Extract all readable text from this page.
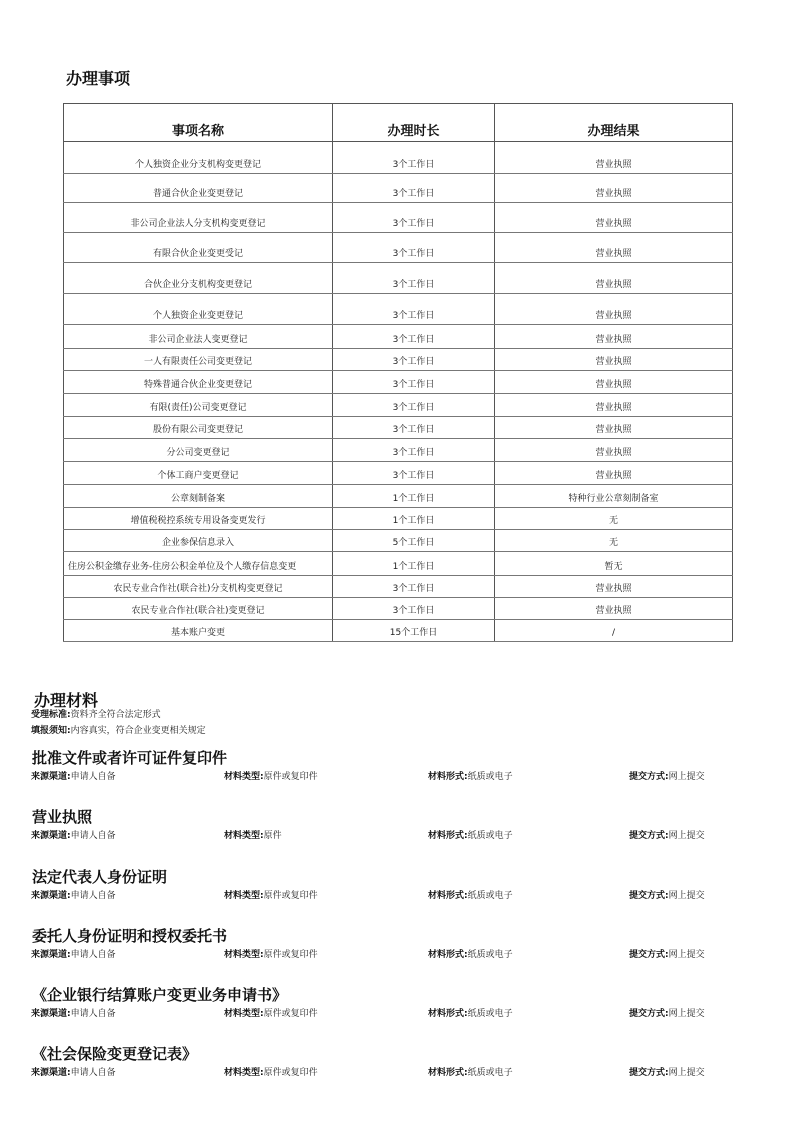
办理事项
事项名称	办理时长	办理结果
个人独资企业分支机构变更登记	3个工作日	营业执照
普通合伙企业变更登记	3个工作日	营业执照
非公司企业法人分支机构变更登记	3个工作日	营业执照
有限合伙企业变更受记	3个工作日	营业执照
合伙企业分支机构变更登记	3个工作日	营业执照
个人独资企业变更登记	3个工作日	营业执照
非公司企业法人变更登记	3个工作日	营业执照
一人有限责任公司变更登记	3个工作日	营业执照
特殊普通合伙企业变更登记	3个工作日	营业执照
有限(责任)公司变更登记	3个工作日	营业执照
股份有限公司变更登记	3个工作日	营业执照
分公司变更登记	3个工作日	营业执照
个体工商户变更登记	3个工作日	营业执照
公章刻制备案	1个工作日	特种行业公章刻制备室
增值税税控系统专用设备变更发行	1个工作日	无
企业参保信息录入	5个工作日	无
住房公积金缴存业务-住房公积金单位及个人缴存信息变更	1个工作日	暂无
农民专业合作社(联合社)分支机构变更登记	3个工作日	营业执照
农民专业合作社(联合社)变更登记	3个工作日	营业执照
基本账户变更	15个工作日	/
办理材料
受理标准:资料齐全符合法定形式
填报须知:内容真实，符合企业变更相关规定
批准文件或者许可证件复印件
来源渠道:申请人自备	材料类型:原件或复印件	材料形式:纸质或电子	提交方式:网上提交
营业执照
来源渠道:申请人自备	材料类型:原件	材料形式:纸质或电子	提交方式:网上提交
法定代表人身份证明
来源渠道:申请人自备	材料类型:原件或复印件	材料形式:纸质或电子	提交方式:网上提交
委托人身份证明和授权委托书
来源渠道:申请人自备	材料类型:原件或复印件	材料形式:纸质或电子	提交方式:网上提交
《企业银行结算账户变更业务申请书》
来源渠道:申请人自备	材料类型:原件或复印件	材料形式:纸质或电子	提交方式:网上提交
《社会保险变更登记表》
来源渠道:申请人自备	材料类型:原件或复印件	材料形式:纸质或电子	提交方式:网上提交
